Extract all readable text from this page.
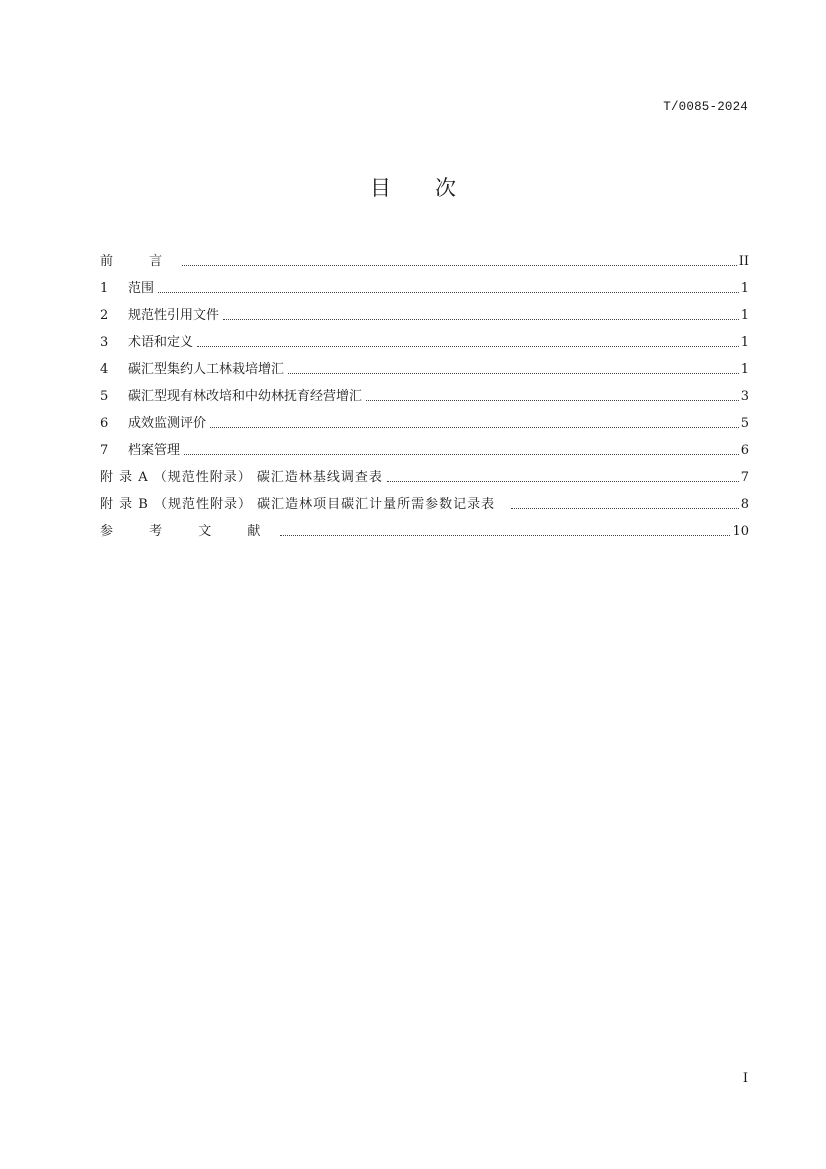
T/0085-2024
目次
前 言	II
1	范围	1
2	规范性引用文件	1
3	术语和定义	1
4	碳汇型集约人工林栽培增汇	1
5	碳汇型现有林改培和中幼林抚育经营增汇	3
6	成效监测评价	5
7	档案管理	6
附 录 A （规范性附录） 碳汇造林基线调查表	7
附 录 B （规范性附录） 碳汇造林项目碳汇计量所需参数记录表	8
参 考 文 献	10
I
